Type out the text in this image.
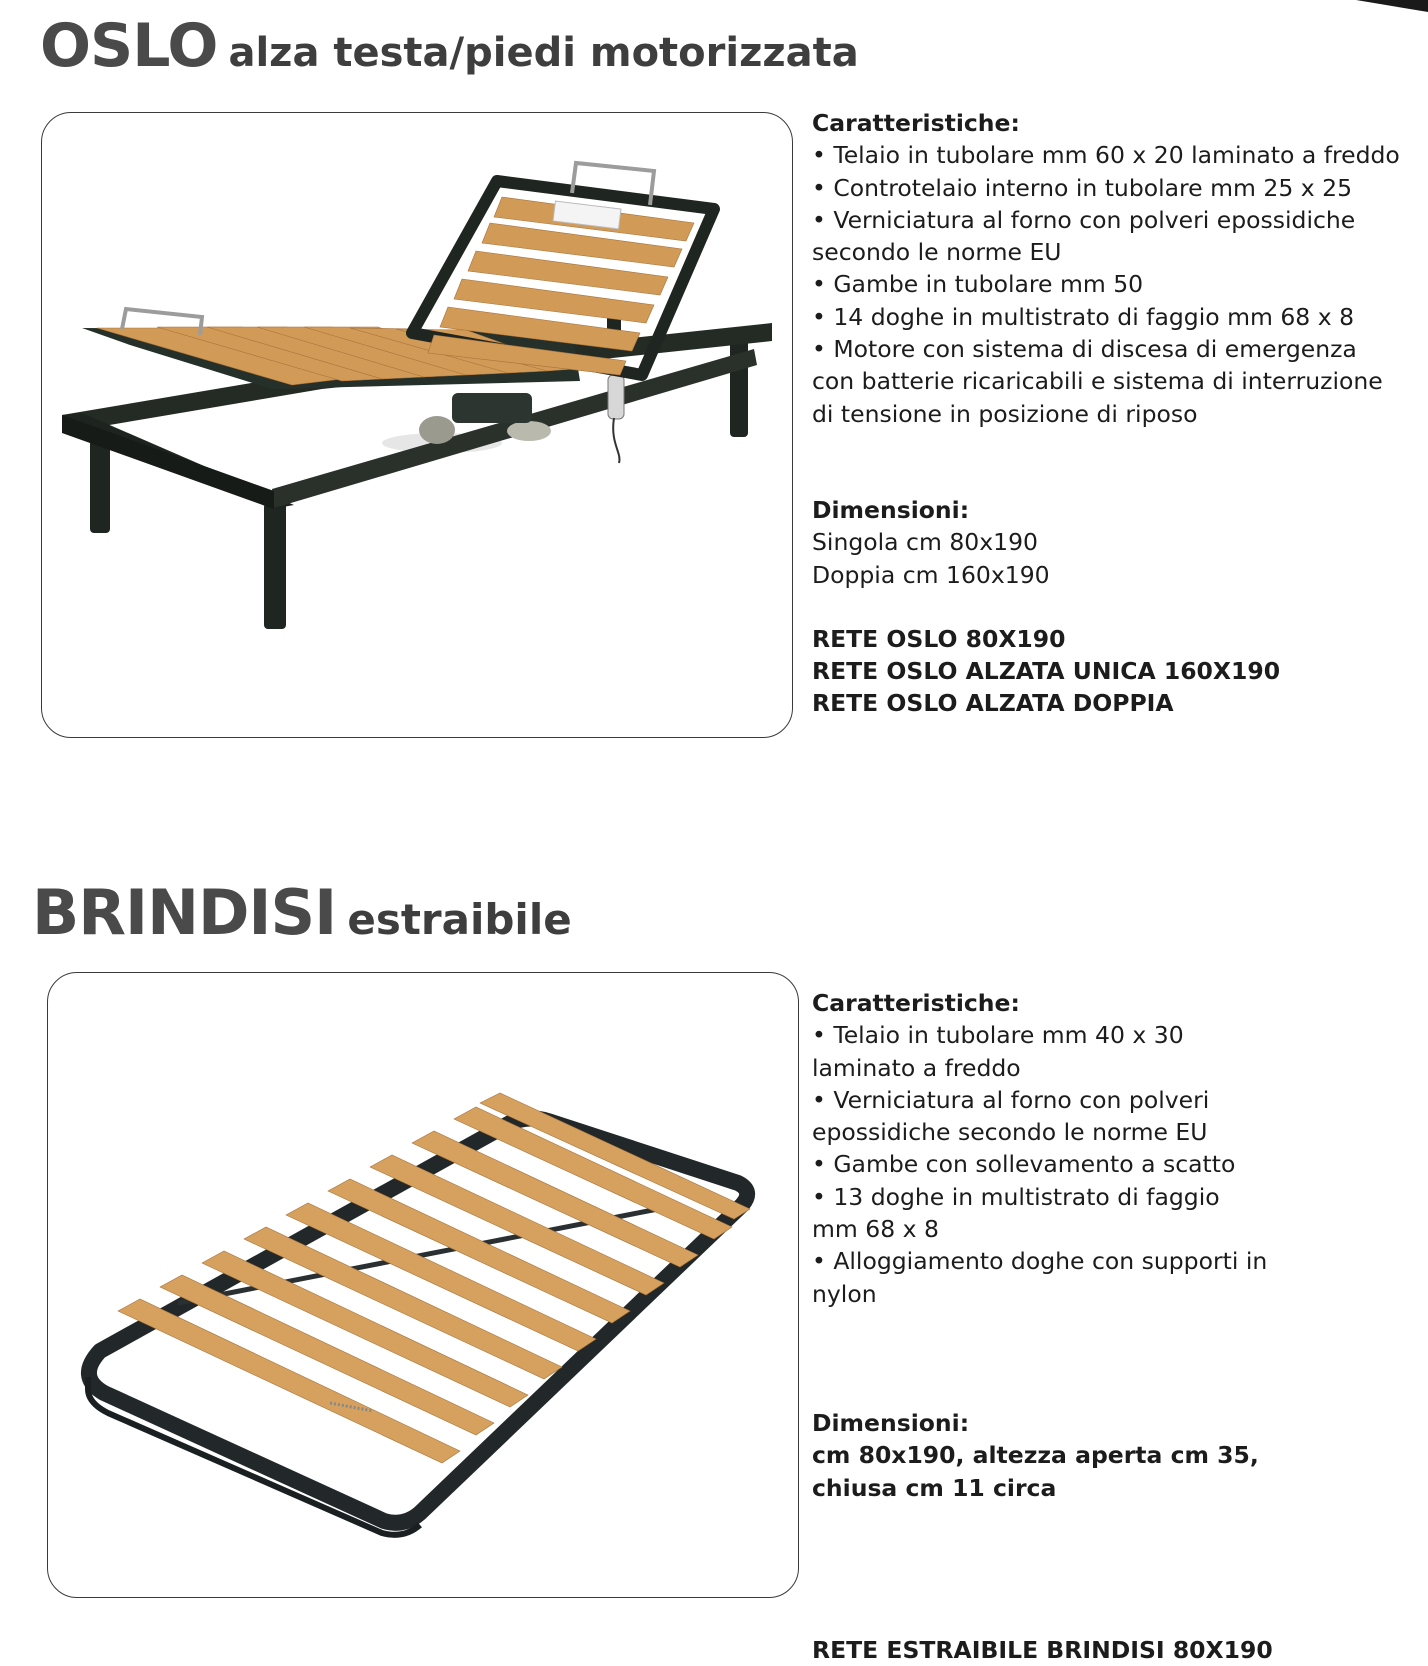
OSLO alza testa/piedi motorizzata

Caratteristiche:

• Telaio in tubolare mm 60 x 20 laminato a freddo
• Controtelaio interno in tubolare mm 25 x 25
• Verniciatura al forno con polveri epossidiche secondo le norme EU
• Gambe in tubolare mm 50
• 14 doghe in multistrato di faggio mm 68 x 8
• Motore con sistema di discesa di emergenza con batterie ricaricabili e sistema di interruzione di tensione in posizione di riposo

Dimensioni:

Singola cm 80x190

Doppia cm 160x190

RETE OSLO 80X190

RETE OSLO ALZATA UNICA 160X190

RETE OSLO ALZATA DOPPIA

BRINDISI estraibile

Caratteristiche:

• Telaio in tubolare mm 40 x 30 laminato a freddo
• Verniciatura al forno con polveri epossidiche secondo le norme EU
• Gambe con sollevamento a scatto
• 13 doghe in multistrato di faggio mm 68 x 8
• Alloggiamento doghe con supporti in nylon

Dimensioni:

cm 80x190, altezza aperta cm 35,

chiusa cm 11 circa

RETE ESTRAIBILE BRINDISI 80X190
